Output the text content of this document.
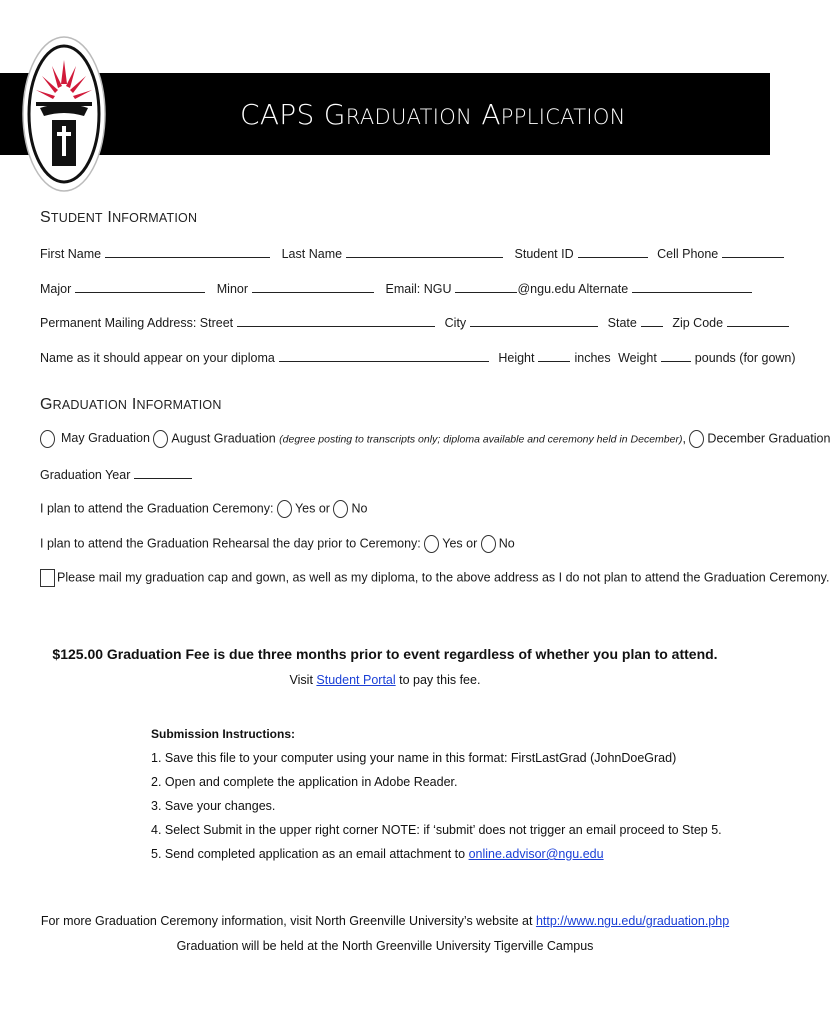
CAPS GRADUATION APPLICATION
STUDENT INFORMATION
First Name	Last Name	Student ID	Cell Phone
Major	Minor	Email: NGU	@ngu.edu Alternate
Permanent Mailing Address: Street	City	State	Zip Code
Name as it should appear on your diploma	Height	inches Weight	pounds (for gown)
GRADUATION INFORMATION
May Graduation August Graduation (degree posting to transcripts only; diploma available and ceremony held in December), December Graduation
Graduation Year
I plan to attend the Graduation Ceremony: Yes or No
I plan to attend the Graduation Rehearsal the day prior to Ceremony: Yes or No
Please mail my graduation cap and gown, as well as my diploma, to the above address as I do not plan to attend the Graduation Ceremony.
$125.00 Graduation Fee is due three months prior to event regardless of whether you plan to attend.
Visit Student Portal to pay this fee.
Submission Instructions:
1. Save this file to your computer using your name in this format: FirstLastGrad (JohnDoeGrad)
2. Open and complete the application in Adobe Reader.
3. Save your changes.
4. Select Submit in the upper right corner NOTE: if ‘submit’ does not trigger an email proceed to Step 5.
5. Send completed application as an email attachment to online.advisor@ngu.edu
For more Graduation Ceremony information, visit North Greenville University’s website at http://www.ngu.edu/graduation.php
Graduation will be held at the North Greenville University Tigerville Campus
